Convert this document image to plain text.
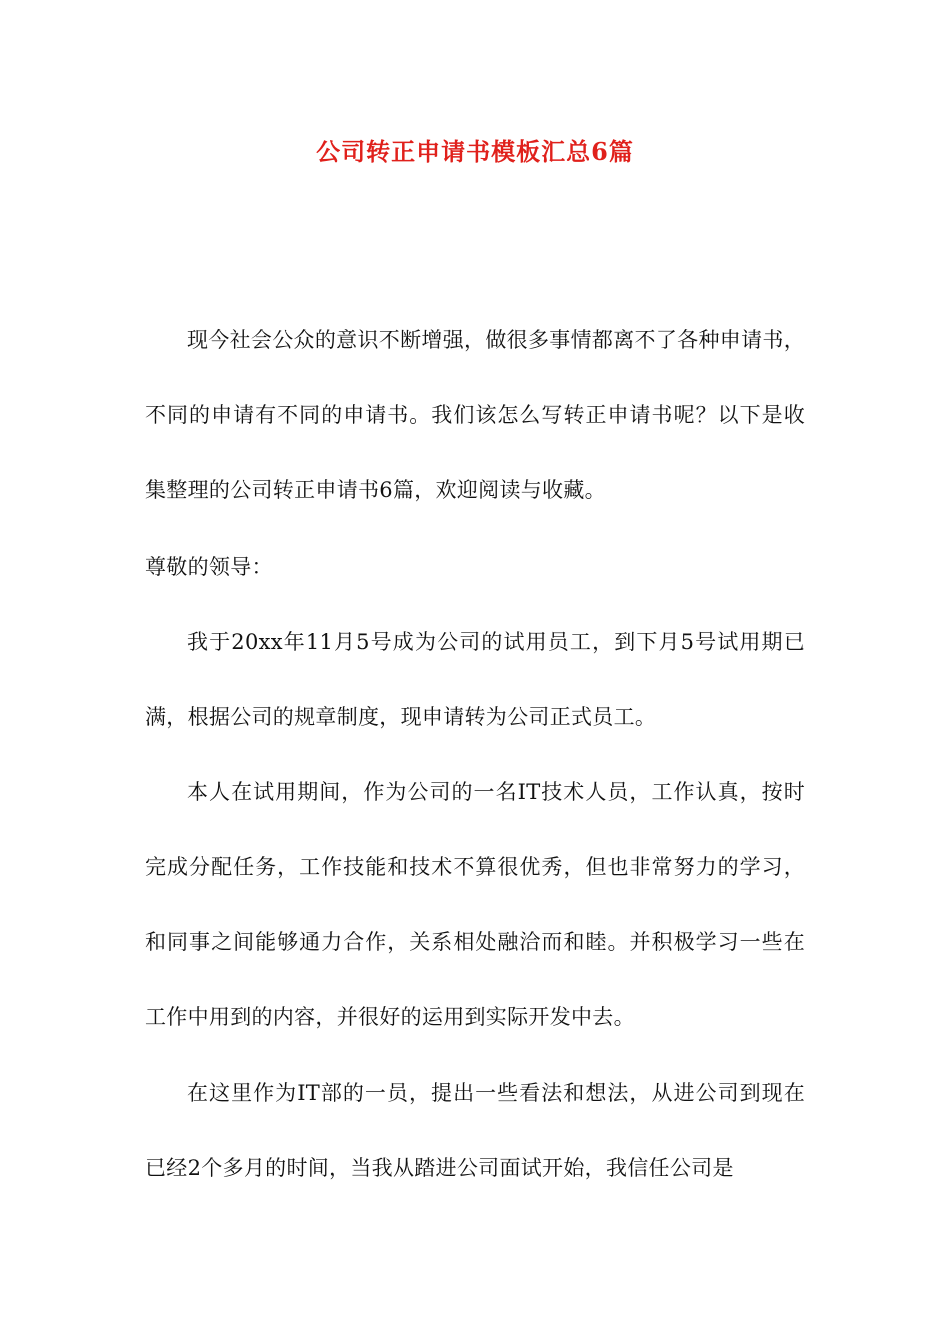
公司转正申请书模板汇总6篇

现今社会公众的意识不断增强，做很多事情都离不了各种申请书，不同的申请有不同的申请书。我们该怎么写转正申请书呢？以下是收集整理的公司转正申请书6篇，欢迎阅读与收藏。

尊敬的领导：

我于20xx年11月5号成为公司的试用员工，到下月5号试用期已满，根据公司的规章制度，现申请转为公司正式员工。

本人在试用期间，作为公司的一名IT技术人员，工作认真，按时完成分配任务，工作技能和技术不算很优秀，但也非常努力的学习，和同事之间能够通力合作，关系相处融洽而和睦。并积极学习一些在工作中用到的内容，并很好的运用到实际开发中去。

在这里作为IT部的一员，提出一些看法和想法，从进公司到现在已经2个多月的时间，当我从踏进公司面试开始，我信任公司是
